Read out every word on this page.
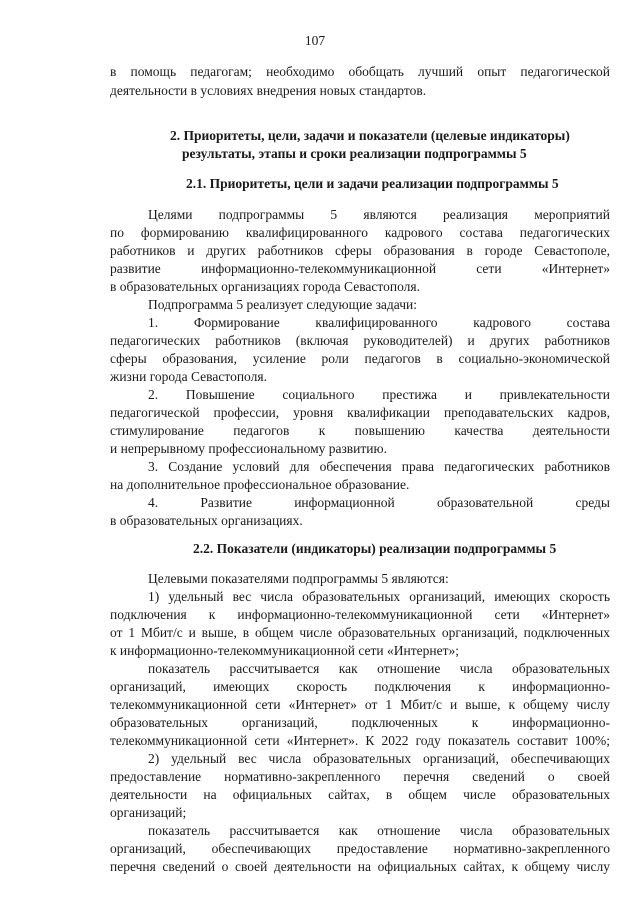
107
2. Приоритеты, цели, задачи и показатели (целевые индикаторы)
результаты, этапы и сроки реализации подпрограммы 5
2.1. Приоритеты, цели и задачи реализации подпрограммы 5
2.2. Показатели (индикаторы) реализации подпрограммы 5
в помощь педагогам; необходимо обобщать лучший опыт педагогической
деятельности в условиях внедрения новых стандартов.
Целями подпрограммы 5 являются реализация мероприятий
по формированию квалифицированного кадрового состава педагогических
работников и других работников сферы образования в городе Севастополе,
развитие информационно-телекоммуникационной сети «Интернет»
в образовательных организациях города Севастополя.
Подпрограмма 5 реализует следующие задачи:
1. Формирование квалифицированного кадрового состава
педагогических работников (включая руководителей) и других работников
сферы образования, усиление роли педагогов в социально-экономической
жизни города Севастополя.
2. Повышение социального престижа и привлекательности
педагогической профессии, уровня квалификации преподавательских кадров,
стимулирование педагогов к повышению качества деятельности
и непрерывному профессиональному развитию.
3. Создание условий для обеспечения права педагогических работников
на дополнительное профессиональное образование.
4. Развитие информационной образовательной среды
в образовательных организациях.
Целевыми показателями подпрограммы 5 являются:
1) удельный вес числа образовательных организаций, имеющих скорость
подключения к информационно-телекоммуникационной сети «Интернет»
от 1 Мбит/с и выше, в общем числе образовательных организаций, подключенных
к информационно-телекоммуникационной сети «Интернет»;
показатель рассчитывается как отношение числа образовательных
организаций, имеющих скорость подключения к информационно-
телекоммуникационной сети «Интернет» от 1 Мбит/с и выше, к общему числу
образовательных организаций, подключенных к информационно-
телекоммуникационной сети «Интернет». К 2022 году показатель составит 100%;
2) удельный вес числа образовательных организаций, обеспечивающих
предоставление нормативно-закрепленного перечня сведений о своей
деятельности на официальных сайтах, в общем числе образовательных
организаций;
показатель рассчитывается как отношение числа образовательных
организаций, обеспечивающих предоставление нормативно-закрепленного
перечня сведений о своей деятельности на официальных сайтах, к общему числу
